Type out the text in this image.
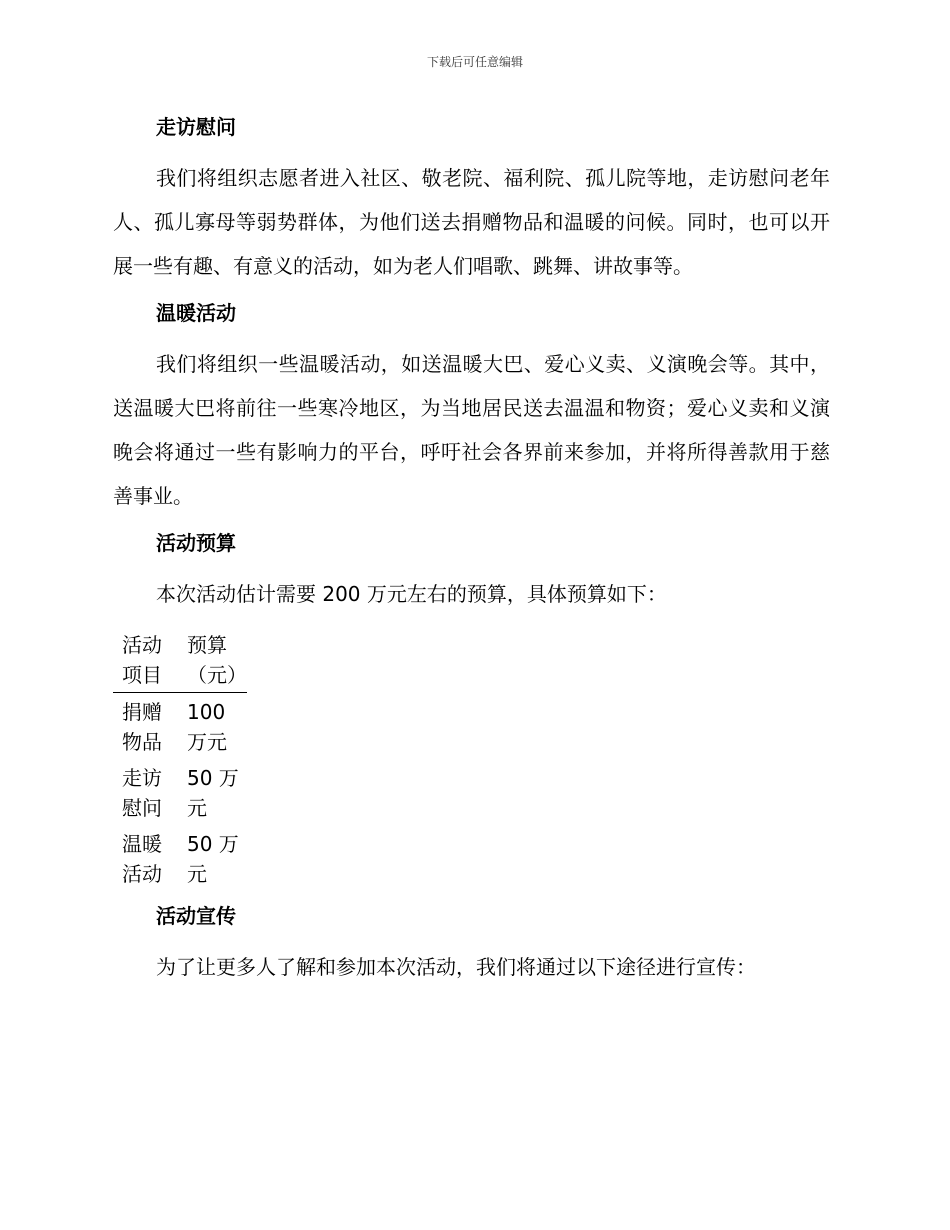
下载后可任意编辑
走访慰问

我们将组织志愿者进入社区、敬老院、福利院、孤儿院等地，走访慰问老年人、孤儿寡母等弱势群体，为他们送去捐赠物品和温暖的问候。同时，也可以开展一些有趣、有意义的活动，如为老人们唱歌、跳舞、讲故事等。

温暖活动

我们将组织一些温暖活动，如送温暖大巴、爱心义卖、义演晚会等。其中，送温暖大巴将前往一些寒冷地区，为当地居民送去温温和物资；爱心义卖和义演晚会将通过一些有影响力的平台，呼吁社会各界前来参加，并将所得善款用于慈善事业。

活动预算

本次活动估计需要 200 万元左右的预算，具体预算如下：

活动项目	预算（元）
捐赠物品	100 万元
走访慰问	50 万元
温暖活动	50 万元
活动宣传

为了让更多人了解和参加本次活动，我们将通过以下途径进行宣传：
